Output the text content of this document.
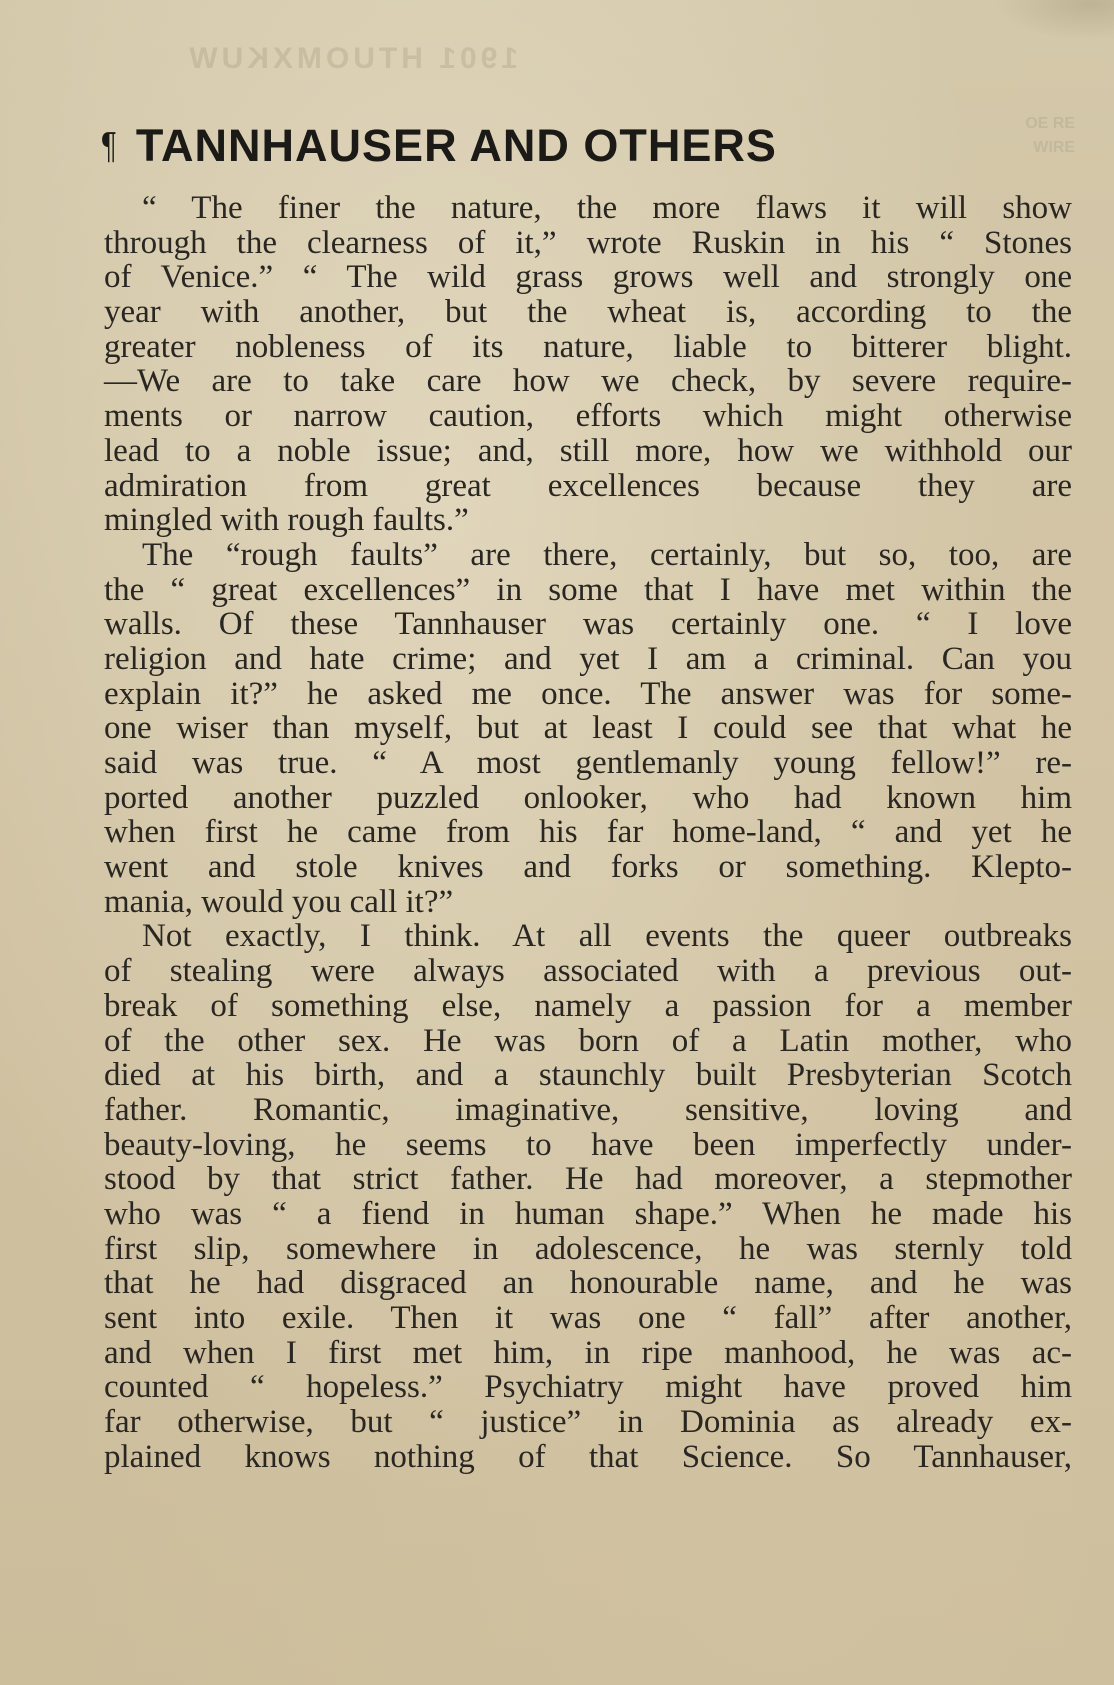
1901 HTUOMXKUW
ƎЯ ƎO
ƎЯIW
¶ TANNHAUSER AND OTHERS

“ The finer the nature, the more flaws it will show
through the clearness of it,” wrote Ruskin in his “ Stones
of Venice.” “ The wild grass grows well and strongly one
year with another, but the wheat is, according to the
greater nobleness of its nature, liable to bitterer blight.
—We are to take care how we check, by severe require-
ments or narrow caution, efforts which might otherwise
lead to a noble issue; and, still more, how we withhold our
admiration from great excellences because they are
mingled with rough faults.”

The “rough faults” are there, certainly, but so, too, are
the “ great excellences” in some that I have met within the
walls. Of these Tannhauser was certainly one. “ I love
religion and hate crime; and yet I am a criminal. Can you
explain it?” he asked me once. The answer was for some-
one wiser than myself, but at least I could see that what he
said was true. “ A most gentlemanly young fellow!” re-
ported another puzzled onlooker, who had known him
when first he came from his far home-land, “ and yet he
went and stole knives and forks or something. Klepto-
mania, would you call it?”

Not exactly, I think. At all events the queer outbreaks
of stealing were always associated with a previous out-
break of something else, namely a passion for a member
of the other sex. He was born of a Latin mother, who
died at his birth, and a staunchly built Presbyterian Scotch
father. Romantic, imaginative, sensitive, loving and
beauty-loving, he seems to have been imperfectly under-
stood by that strict father. He had moreover, a stepmother
who was “ a fiend in human shape.” When he made his
first slip, somewhere in adolescence, he was sternly told
that he had disgraced an honourable name, and he was
sent into exile. Then it was one “ fall” after another,
and when I first met him, in ripe manhood, he was ac-
counted “ hopeless.” Psychiatry might have proved him
far otherwise, but “ justice” in Dominia as already ex-
plained knows nothing of that Science. So Tannhauser,
